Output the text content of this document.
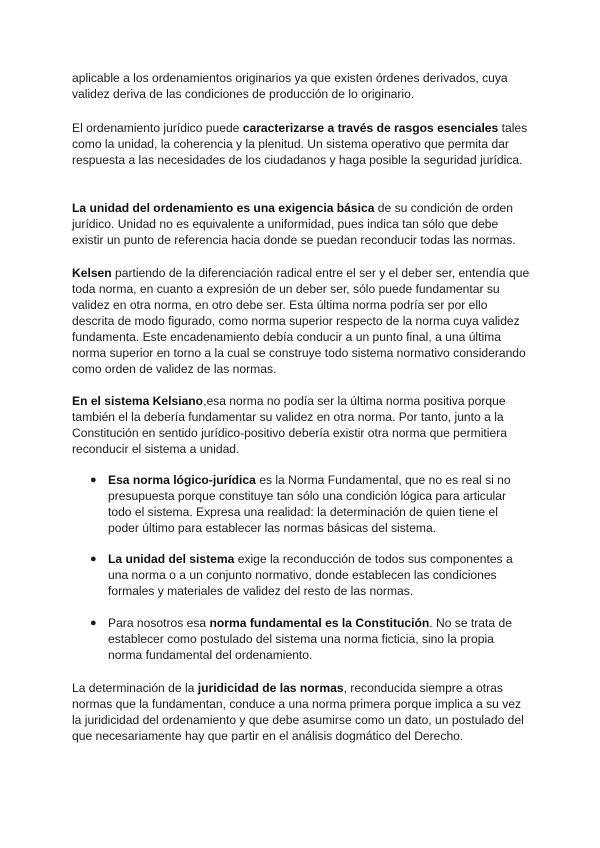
aplicable a los ordenamientos originarios ya que existen órdenes derivados, cuya validez deriva de las condiciones de producción de lo originario.

El ordenamiento jurídico puede caracterizarse a través de rasgos esenciales tales como la unidad, la coherencia y la plenitud. Un sistema operativo que permita dar respuesta a las necesidades de los ciudadanos y haga posible la seguridad jurídica.

La unidad del ordenamiento es una exigencia básica de su condición de orden jurídico. Unidad no es equivalente a uniformidad, pues indica tan sólo que debe existir un punto de referencia hacia donde se puedan reconducir todas las normas.

Kelsen partiendo de la diferenciación radical entre el ser y el deber ser, entendía que toda norma, en cuanto a expresión de un deber ser, sólo puede fundamentar su validez en otra norma, en otro debe ser. Esta última norma podría ser por ello descrita de modo figurado, como norma superior respecto de la norma cuya validez fundamenta. Este encadenamiento debía conducir a un punto final, a una última norma superior en torno a la cual se construye todo sistema normativo considerando como orden de validez de las normas.

En el sistema Kelsiano,esa norma no podía ser la última norma positiva porque también el la debería fundamentar su validez en otra norma. Por tanto, junto a la Constitución en sentido jurídico-positivo debería existir otra norma que permitiera reconducir el sistema a unidad.

● Esa norma lógico-jurídica es la Norma Fundamental, que no es real si no presupuesta porque constituye tan sólo una condición lógica para articular todo el sistema. Expresa una realidad: la determinación de quien tiene el poder último para establecer las normas básicas del sistema.

● La unidad del sistema exige la reconducción de todos sus componentes a una norma o a un conjunto normativo, donde establecen las condiciones formales y materiales de validez del resto de las normas.

● Para nosotros esa norma fundamental es la Constitución. No se trata de establecer como postulado del sistema una norma ficticia, sino la propia norma fundamental del ordenamiento.

La determinación de la juridicidad de las normas, reconducida siempre a otras normas que la fundamentan, conduce a una norma primera porque implica a su vez la juridicidad del ordenamiento y que debe asumirse como un dato, un postulado del que necesariamente hay que partir en el análisis dogmático del Derecho.
